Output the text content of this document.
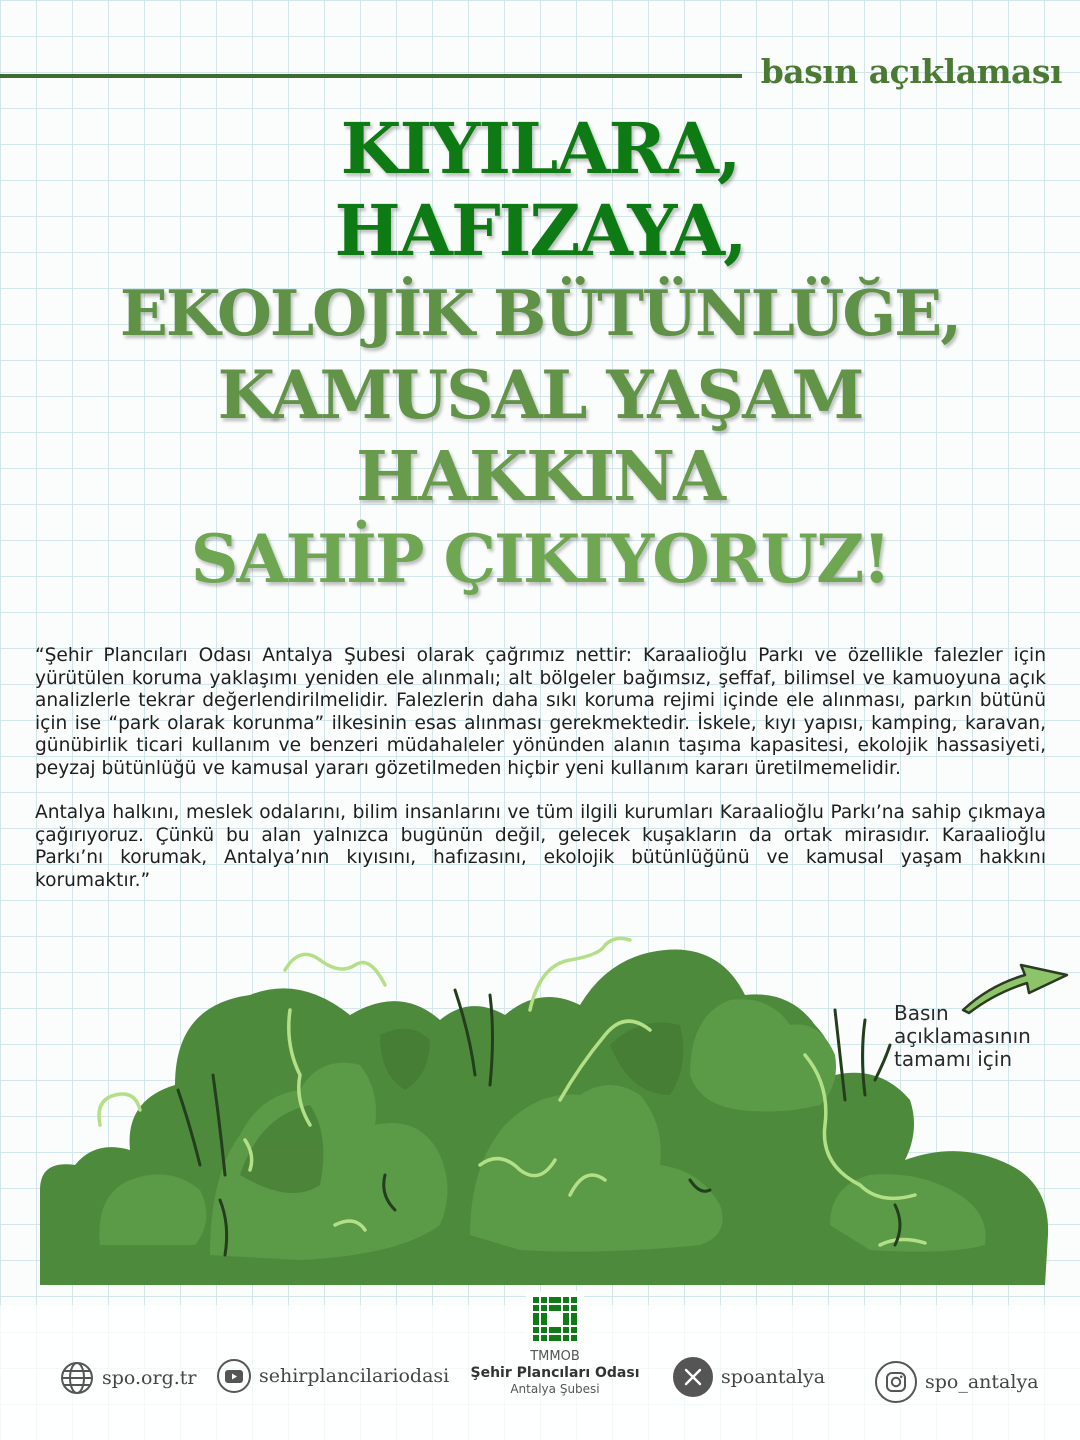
basın açıklaması
KIYILARA,
HAFIZAYA,
EKOLOJİK BÜTÜNLÜĞE,
KAMUSAL YAŞAM
HAKKINA
SAHİP ÇIKIYORUZ!

“Şehir Plancıları Odası Antalya Şubesi olarak çağrımız nettir: Karaalioğlu Parkı ve özellikle falezler için yürütülen koruma yaklaşımı yeniden ele alınmalı; alt bölgeler bağımsız, şeffaf, bilimsel ve kamuoyuna açık analizlerle tekrar değerlendirilmelidir. Falezlerin daha sıkı koruma rejimi içinde ele alınması, parkın bütünü için ise “park olarak korunma” ilkesinin esas alınması gerekmektedir. İskele, kıyı yapısı, kamping, karavan, günübirlik ticari kullanım ve benzeri müdahaleler yönünden alanın taşıma kapasitesi, ekolojik hassasiyeti, peyzaj bütünlüğü ve kamusal yararı gözetilmeden hiçbir yeni kullanım kararı üretilmemelidir.

Antalya halkını, meslek odalarını, bilim insanlarını ve tüm ilgili kurumları Karaalioğlu Parkı’na sahip çıkmaya çağırıyoruz. Çünkü bu alan yalnızca bugünün değil, gelecek kuşakların da ortak mirasıdır. Karaalioğlu Parkı’nı korumak, Antalya’nın kıyısını, hafızasını, ekolojik bütünlüğünü ve kamusal yaşam hakkını korumaktır.”

Basın
açıklamasının
tamamı için
spo.org.tr	sehirplancilariodasi
TMMOB
Şehir Plancıları Odası
Antalya Şubesi
spoantalya	spo_antalya
